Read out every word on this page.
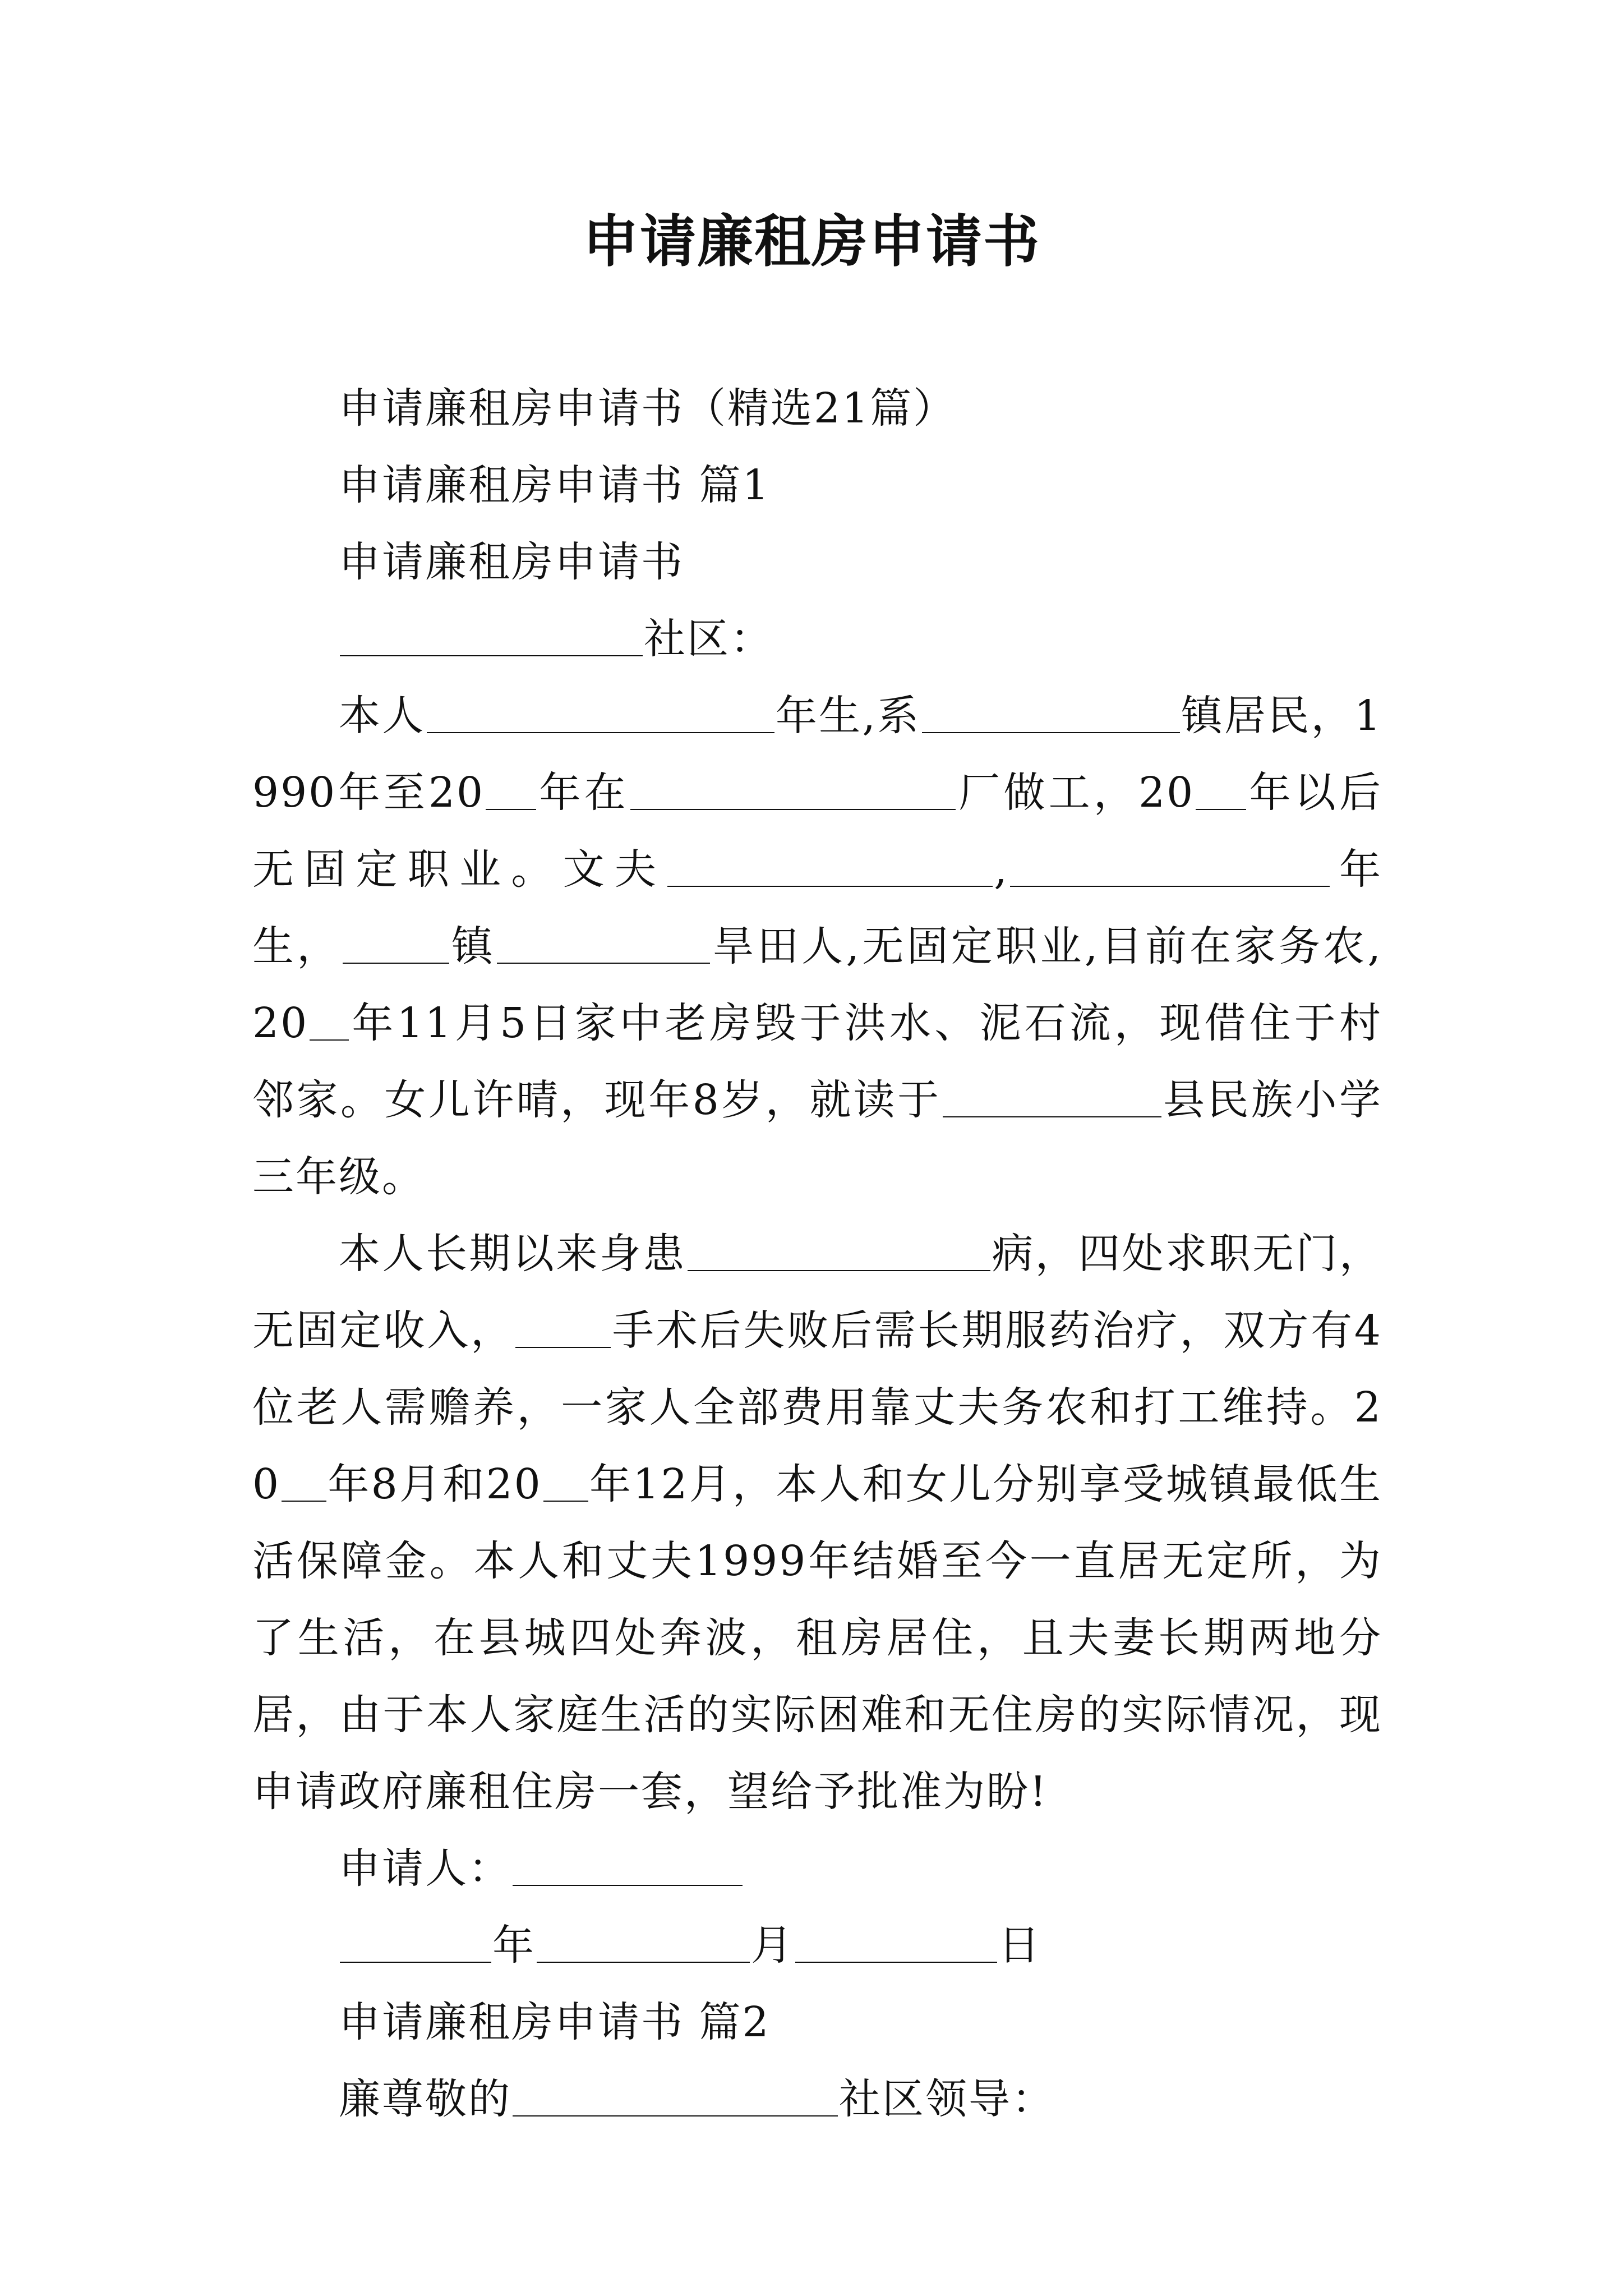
申请廉租房申请书

申请廉租房申请书（精选21篇）

申请廉租房申请书 篇1

申请廉租房申请书

社区：

本人	年生,系	镇居民，1990年至20 年在	厂做工，20 年以后无固定职业。文夫	,	年生，	镇	旱田人,无固定职业,目前在家务农,20 年11月5日家中老房毁于洪水、泥石流，现借住于村邻家。女儿许晴，现年8岁，就读于	县民族小学三年级。

本人长期以来身患	病，四处求职无门，无固定收入， 手术后失败后需长期服药治疗，双方有4位老人需赡养，一家人全部费用靠丈夫务农和打工维持。20 年8月和20 年12月，本人和女儿分别享受城镇最低生活保障金。本人和丈夫1999年结婚至今一直居无定所，为了生活，在县城四处奔波，租房居住，且夫妻长期两地分居，由于本人家庭生活的实际困难和无住房的实际情况，现申请政府廉租住房一套，望给予批准为盼!

申请人：

年	月	日

申请廉租房申请书 篇2

廉尊敬的	社区领导：
